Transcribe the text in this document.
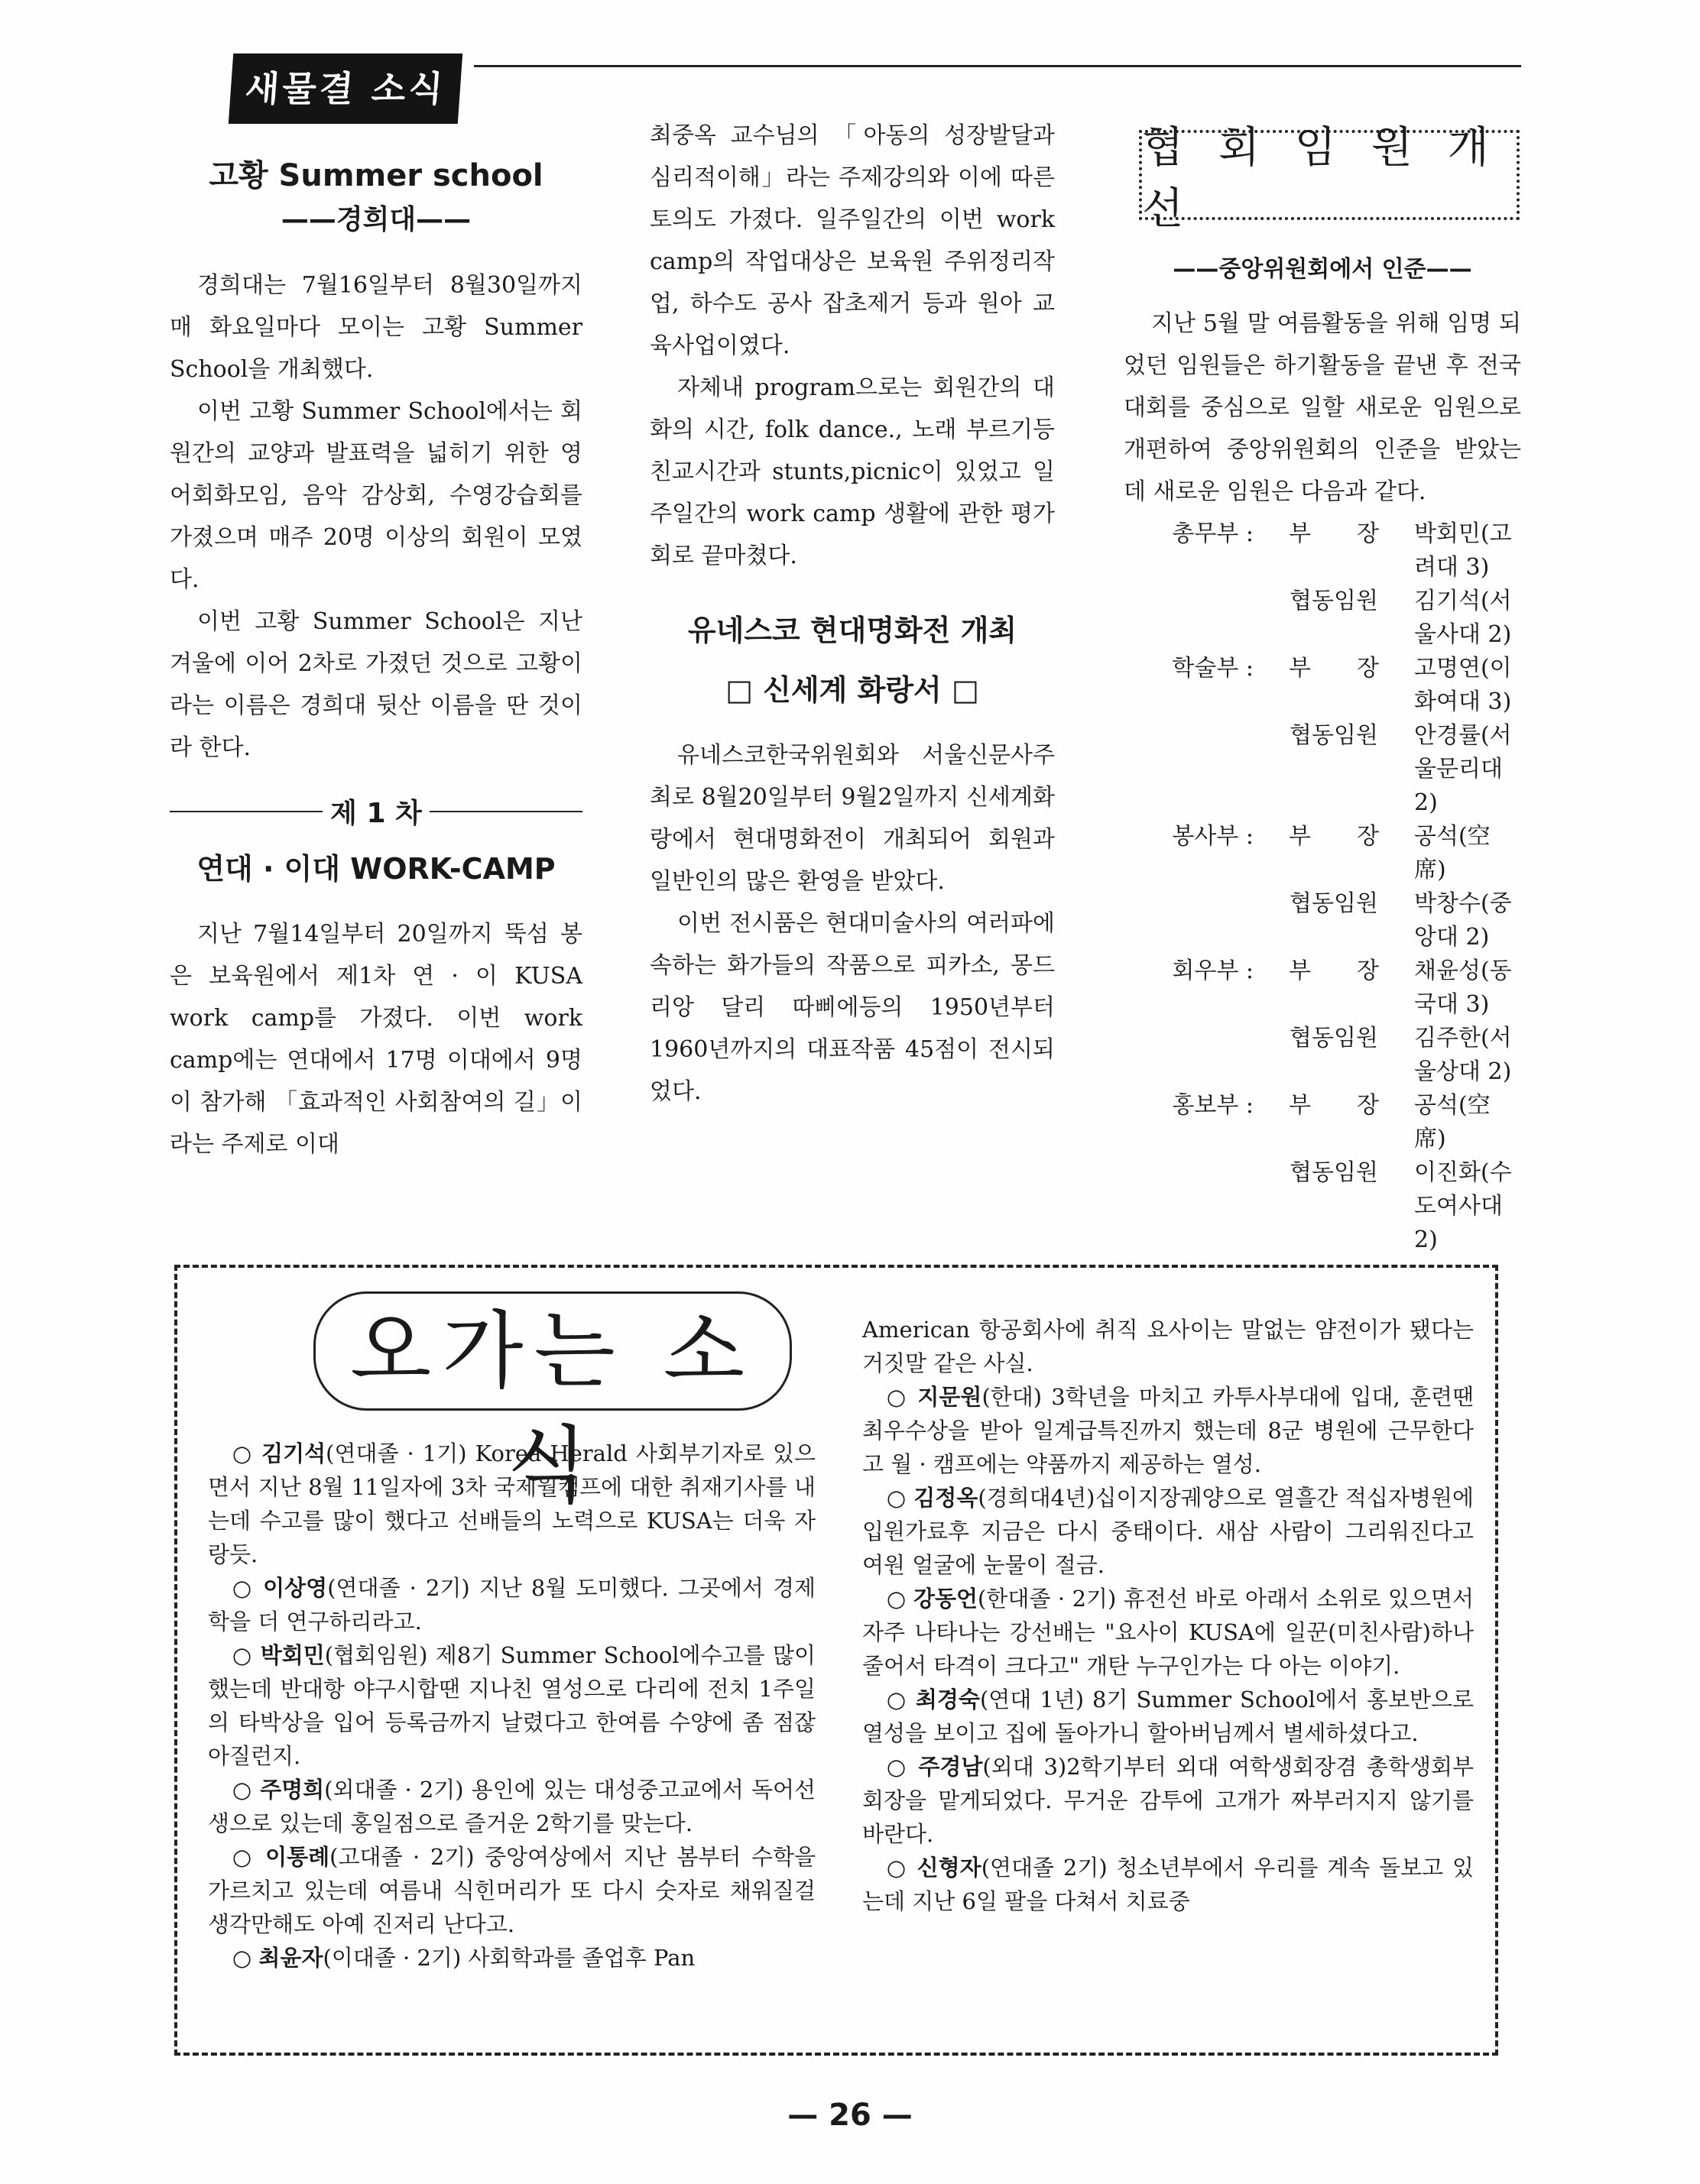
새물결 소식
고황 Summer school
——경희대——

경희대는 7월16일부터 8월30일까지 매 화요일마다 모이는 고황 Summer School을 개최했다.

이번 고황 Summer School에서는 회원간의 교양과 발표력을 넓히기 위한 영어회화모임, 음악 감상회, 수영강습회를 가졌으며 매주 20명 이상의 회원이 모였다.

이번 고황 Summer School은 지난 겨울에 이어 2차로 가졌던 것으로 고황이라는 이름은 경희대 뒷산 이름을 딴 것이라 한다.

제 1 차
연대 · 이대 WORK-CAMP

지난 7월14일부터 20일까지 뚝섬 봉은 보육원에서 제1차 연 · 이 KUSA work camp를 가졌다. 이번 work camp에는 연대에서 17명 이대에서 9명이 참가해 「효과적인 사회참여의 길」이라는 주제로 이대

최중옥 교수님의 「아동의 성장발달과 심리적이해」라는 주제강의와 이에 따른 토의도 가졌다. 일주일간의 이번 work camp의 작업대상은 보육원 주위정리작업, 하수도 공사 잡초제거 등과 원아 교육사업이였다.

자체내 program으로는 회원간의 대화의 시간, folk dance., 노래 부르기등 친교시간과 stunts,picnic이 있었고 일주일간의 work camp 생활에 관한 평가회로 끝마쳤다.

유네스코 현대명화전 개최
□ 신세계 화랑서 □

유네스코한국위원회와 서울신문사주최로 8월20일부터 9월2일까지 신세계화랑에서 현대명화전이 개최되어 회원과 일반인의 많은 환영을 받았다.

이번 전시품은 현대미술사의 여러파에 속하는 화가들의 작품으로 피카소, 몽드리앙 달리 따삐에등의 1950년부터 1960년까지의 대표작품 45점이 전시되었다.

협 회 임 원 개 선
——중앙위원회에서 인준——

지난 5월 말 여름활동을 위해 임명 되었던 임원들은 하기활동을 끝낸 후 전국대회를 중심으로 일할 새로운 임원으로 개편하여 중앙위원회의 인준을 받았는데 새로운 임원은 다음과 같다.

총무부 :	부　　장	박회민(고려대 3)
	협동임원	김기석(서울사대 2)
학술부 :	부　　장	고명연(이화여대 3)
	협동임원	안경률(서울문리대 2)
봉사부 :	부　　장	공석(空席)
	협동임원	박창수(중앙대 2)
회우부 :	부　　장	채윤성(동국대 3)
	협동임원	김주한(서울상대 2)
홍보부 :	부　　장	공석(空席)
	협동임원	이진화(수도여사대 2)
오가는 소식

○ 김기석(연대졸 · 1기) Korea Herald 사회부기자로 있으면서 지난 8월 11일자에 3차 국제월캠프에 대한 취재기사를 내는데 수고를 많이 했다고 선배들의 노력으로 KUSA는 더욱 자랑듯.

○ 이상영(연대졸 · 2기) 지난 8월 도미했다. 그곳에서 경제학을 더 연구하리라고.

○ 박회민(협회임원) 제8기 Summer School에수고를 많이 했는데 반대항 야구시합땐 지나친 열성으로 다리에 전치 1주일의 타박상을 입어 등록금까지 날렸다고 한여름 수양에 좀 점잖아질런지.

○ 주명희(외대졸 · 2기) 용인에 있는 대성중고교에서 독어선생으로 있는데 홍일점으로 즐거운 2학기를 맞는다.

○ 이통례(고대졸 · 2기) 중앙여상에서 지난 봄부터 수학을 가르치고 있는데 여름내 식힌머리가 또 다시 숫자로 채워질걸 생각만해도 아예 진저리 난다고.

○ 최윤자(이대졸 · 2기) 사회학과를 졸업후 Pan

American 항공회사에 취직 요사이는 말없는 얌전이가 됐다는 거짓말 같은 사실.

○ 지문원(한대) 3학년을 마치고 카투사부대에 입대, 훈련땐 최우수상을 받아 일계급특진까지 했는데 8군 병원에 근무한다고 월 · 캠프에는 약품까지 제공하는 열성.

○ 김정옥(경희대4년)십이지장궤양으로 열흘간 적십자병원에 입원가료후 지금은 다시 중태이다. 새삼 사람이 그리워진다고 여원 얼굴에 눈물이 절금.

○ 강동언(한대졸 · 2기) 휴전선 바로 아래서 소위로 있으면서 자주 나타나는 강선배는 "요사이 KUSA에 일꾼(미친사람)하나 줄어서 타격이 크다고" 개탄 누구인가는 다 아는 이야기.

○ 최경숙(연대 1년) 8기 Summer School에서 홍보반으로 열성을 보이고 집에 돌아가니 할아버님께서 별세하셨다고.

○ 주경남(외대 3)2학기부터 외대 여학생회장겸 총학생회부회장을 맡게되었다. 무거운 감투에 고개가 짜부러지지 않기를 바란다.

○ 신형자(연대졸 2기) 청소년부에서 우리를 계속 돌보고 있는데 지난 6일 팔을 다쳐서 치료중

— 26 —
